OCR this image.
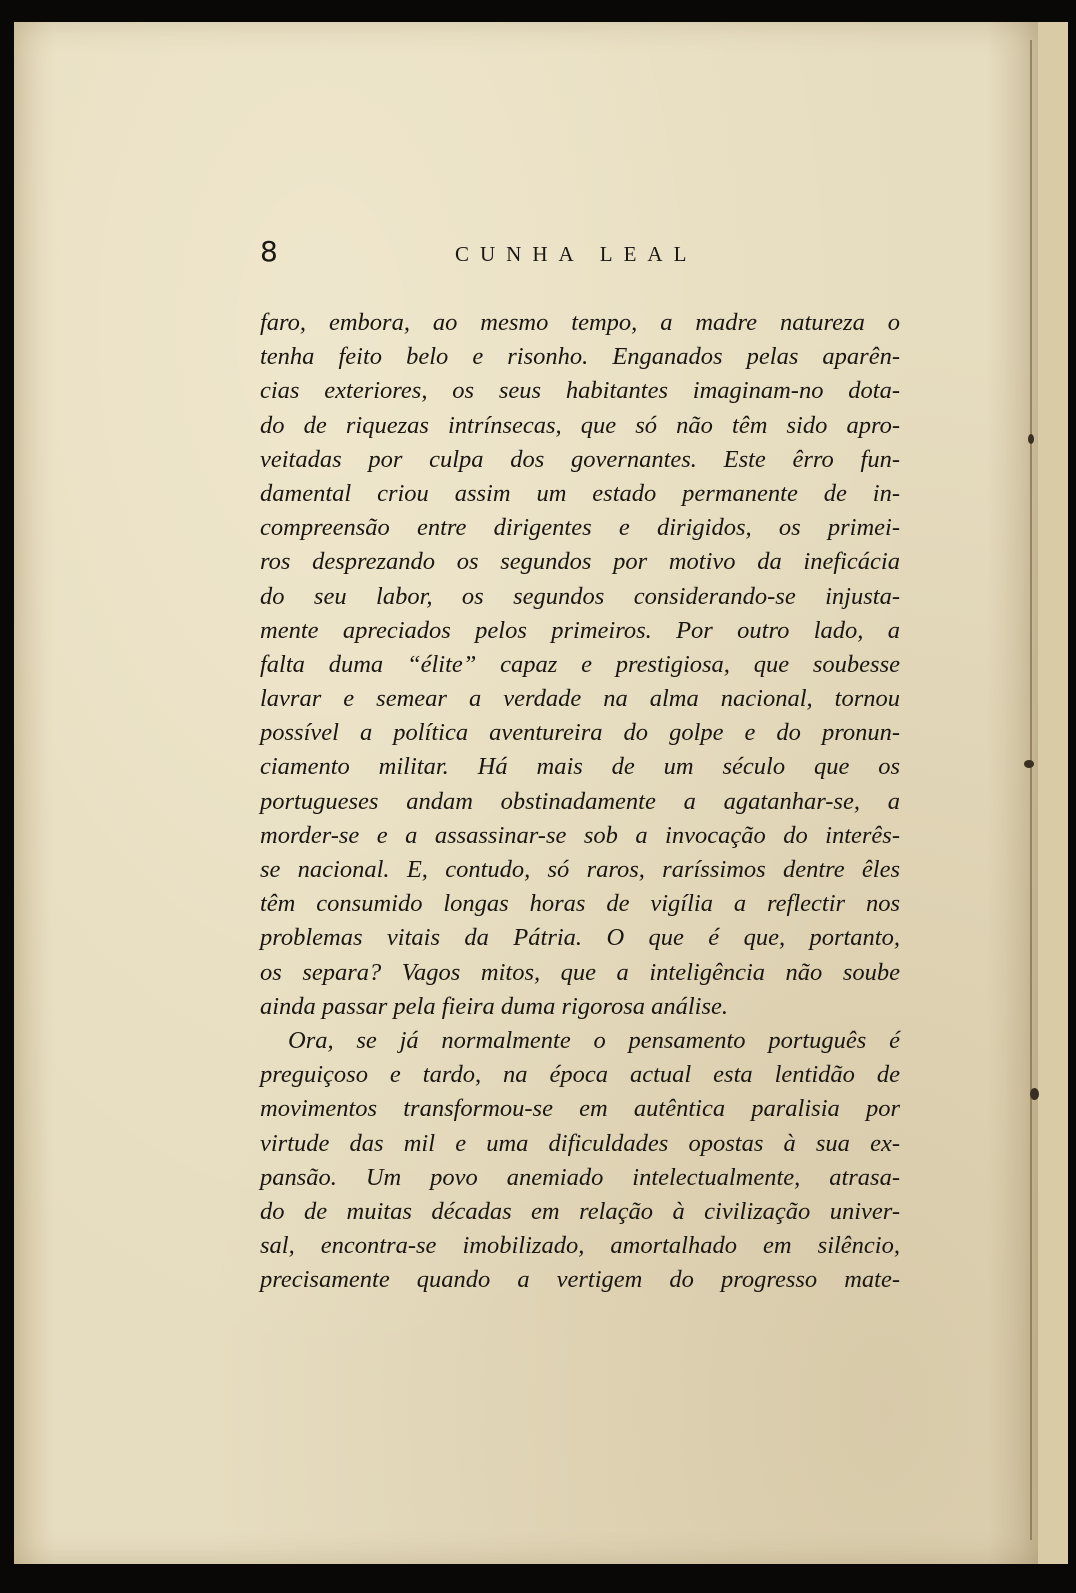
8	CUNHA LEAL
faro, embora, ao mesmo tempo, a madre natureza o
tenha feito belo e risonho. Enganados pelas aparên-
cias exteriores, os seus habitantes imaginam-no dota-
do de riquezas intrínsecas, que só não têm sido apro-
veitadas por culpa dos governantes. Este êrro fun-
damental criou assim um estado permanente de in-
compreensão entre dirigentes e dirigidos, os primei-
ros desprezando os segundos por motivo da ineficácia
do seu labor, os segundos considerando-se injusta-
mente apreciados pelos primeiros. Por outro lado, a
falta duma “élite” capaz e prestigiosa, que soubesse
lavrar e semear a verdade na alma nacional, tornou
possível a política aventureira do golpe e do pronun-
ciamento militar. Há mais de um século que os
portugueses andam obstinadamente a agatanhar-se, a
morder-se e a assassinar-se sob a invocação do interês-
se nacional. E, contudo, só raros, raríssimos dentre êles
têm consumido longas horas de vigília a reflectir nos
problemas vitais da Pátria. O que é que, portanto,
os separa? Vagos mitos, que a inteligência não soube
ainda passar pela fieira duma rigorosa análise.
Ora, se já normalmente o pensamento português é
preguiçoso e tardo, na época actual esta lentidão de
movimentos transformou-se em autêntica paralisia por
virtude das mil e uma dificuldades opostas à sua ex-
pansão. Um povo anemiado intelectualmente, atrasa-
do de muitas décadas em relação à civilização univer-
sal, encontra-se imobilizado, amortalhado em silêncio,
precisamente quando a vertigem do progresso mate-
